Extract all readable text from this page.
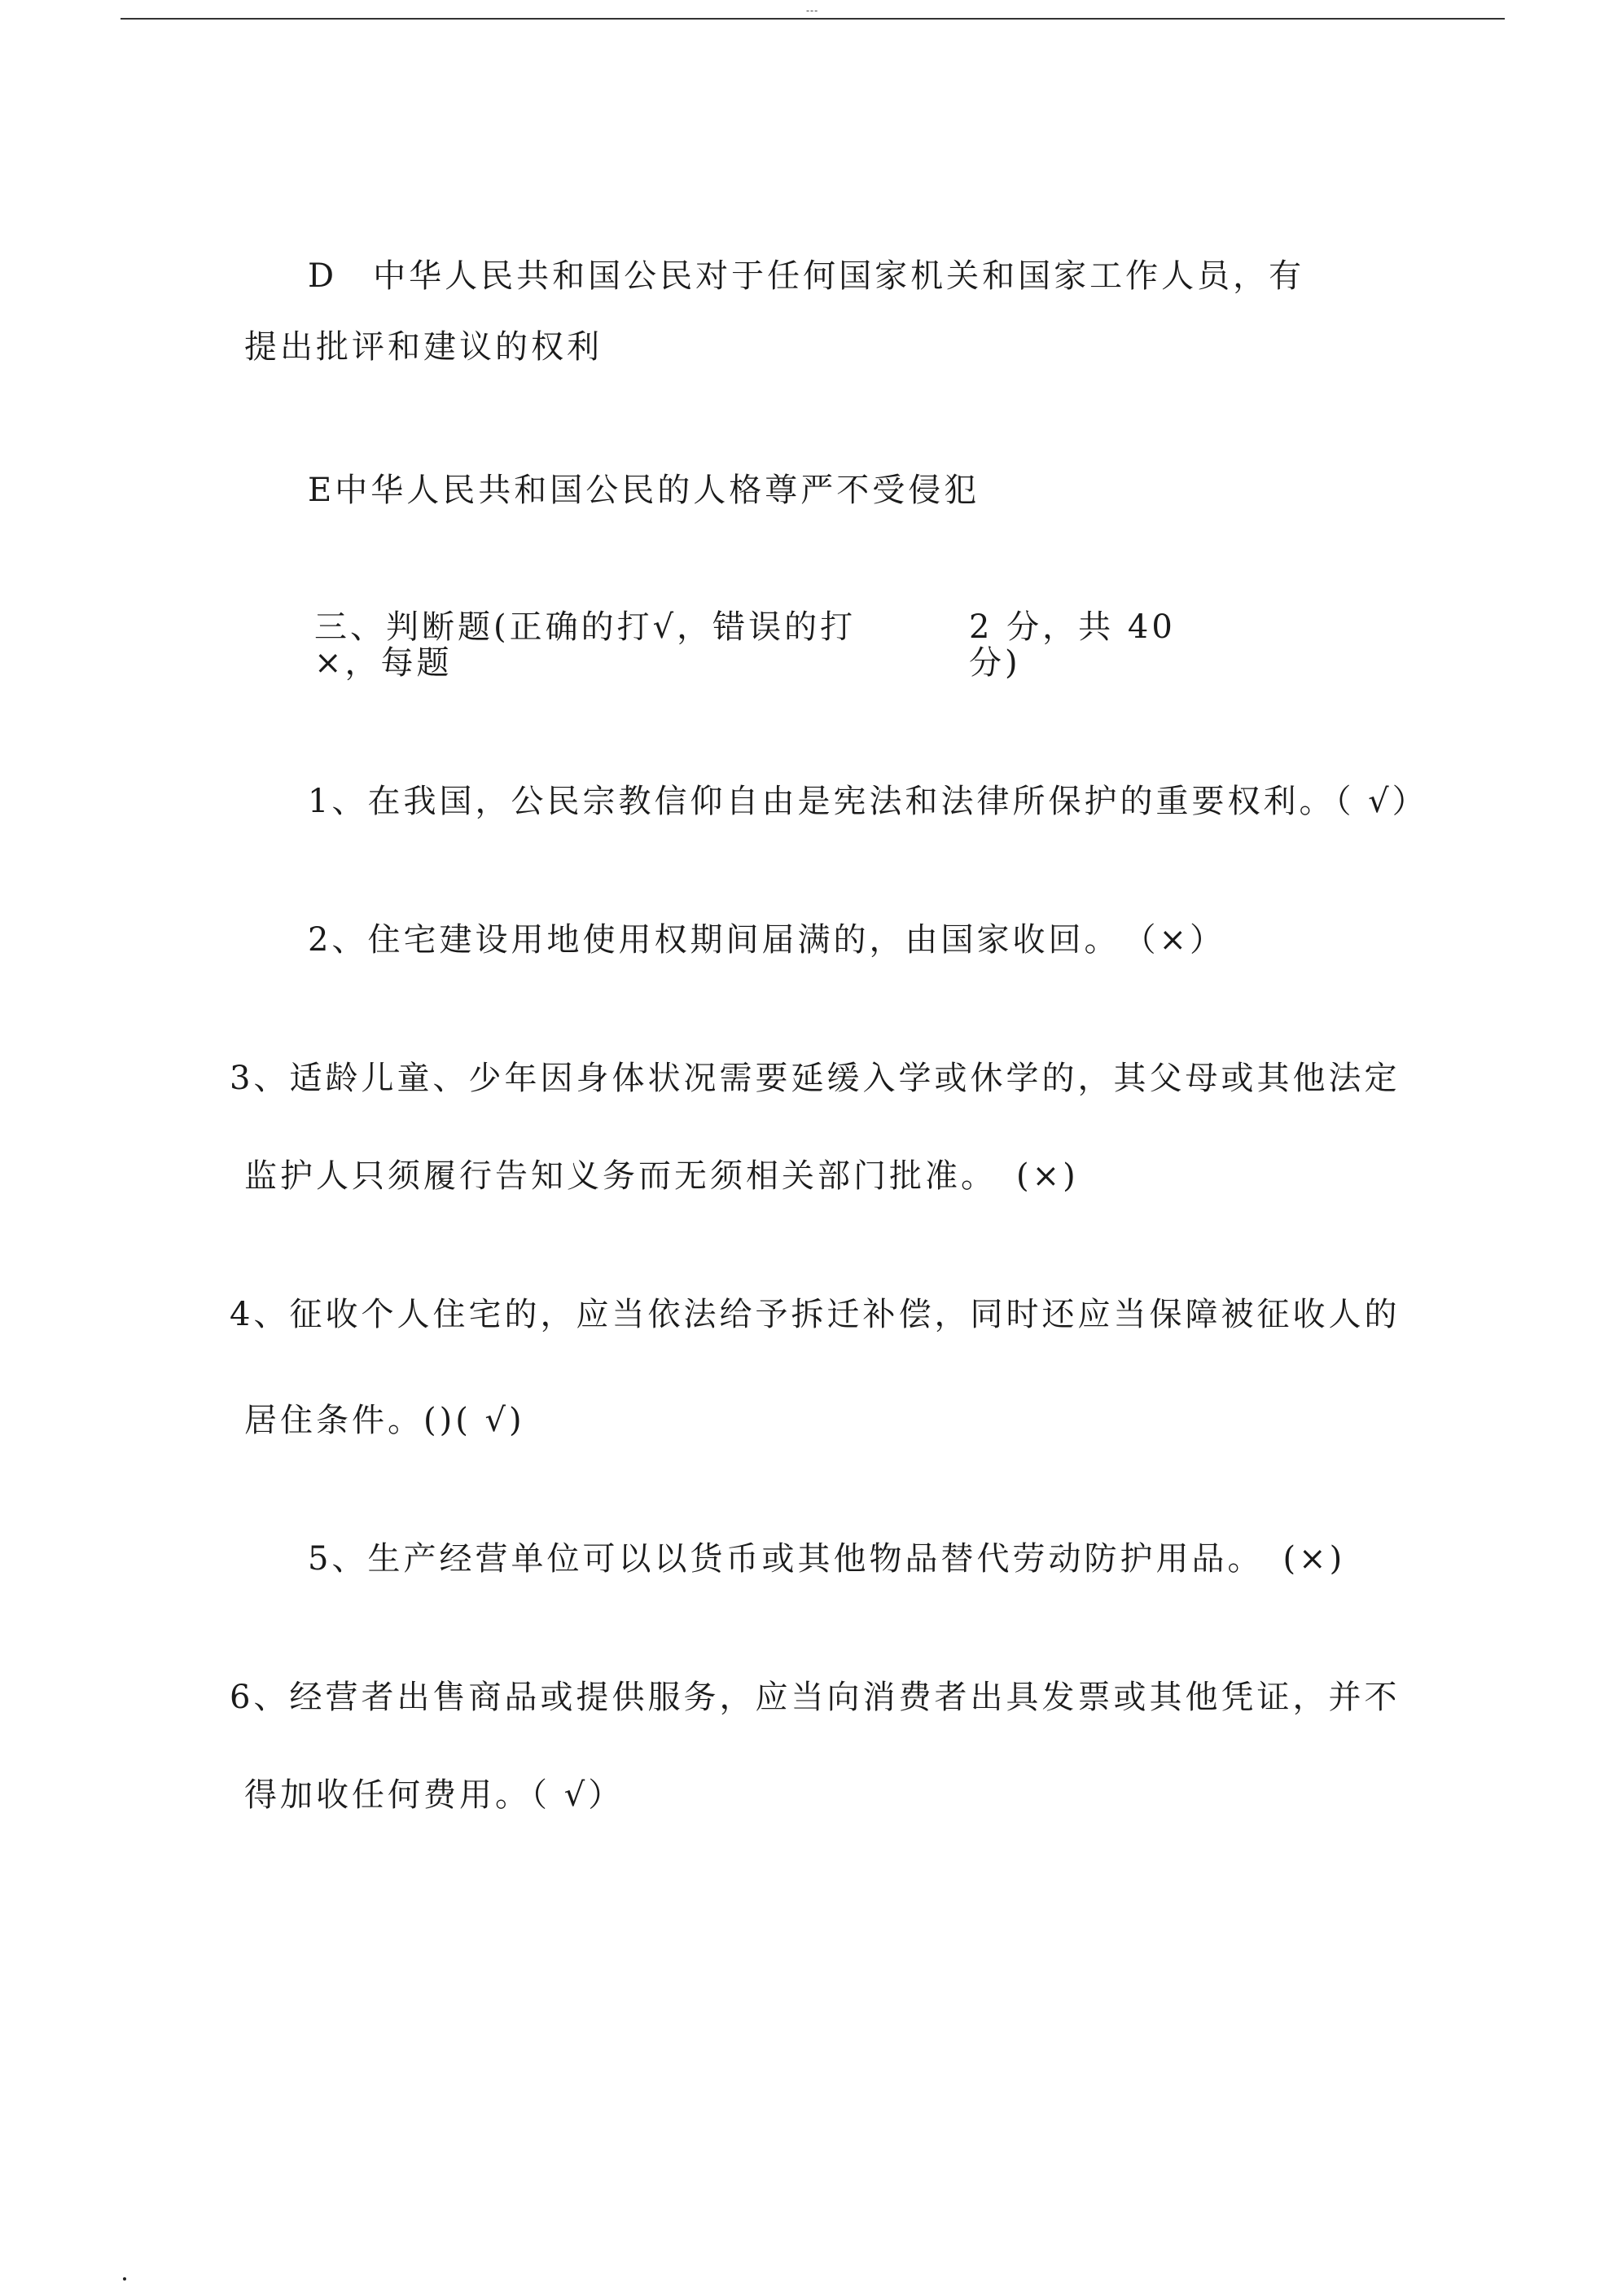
---
D　中华人民共和国公民对于任何国家机关和国家工作人员，有
提出批评和建议的权利
E中华人民共和国公民的人格尊严不受侵犯
三、判断题(正确的打√，错误的打
×，每题
2 分，共 40
分)
1、在我国，公民宗教信仰自由是宪法和法律所保护的重要权利。（ √）
2、住宅建设用地使用权期间届满的，由国家收回。　（×）
3、适龄儿童、少年因身体状况需要延缓入学或休学的，其父母或其他法定
监护人只须履行告知义务而无须相关部门批准。　(×)
4、征收个人住宅的，应当依法给予拆迁补偿，同时还应当保障被征收人的
居住条件。()( √)
5、生产经营单位可以以货币或其他物品替代劳动防护用品。　(×)
6、经营者出售商品或提供服务，应当向消费者出具发票或其他凭证，并不
得加收任何费用。（ √）
